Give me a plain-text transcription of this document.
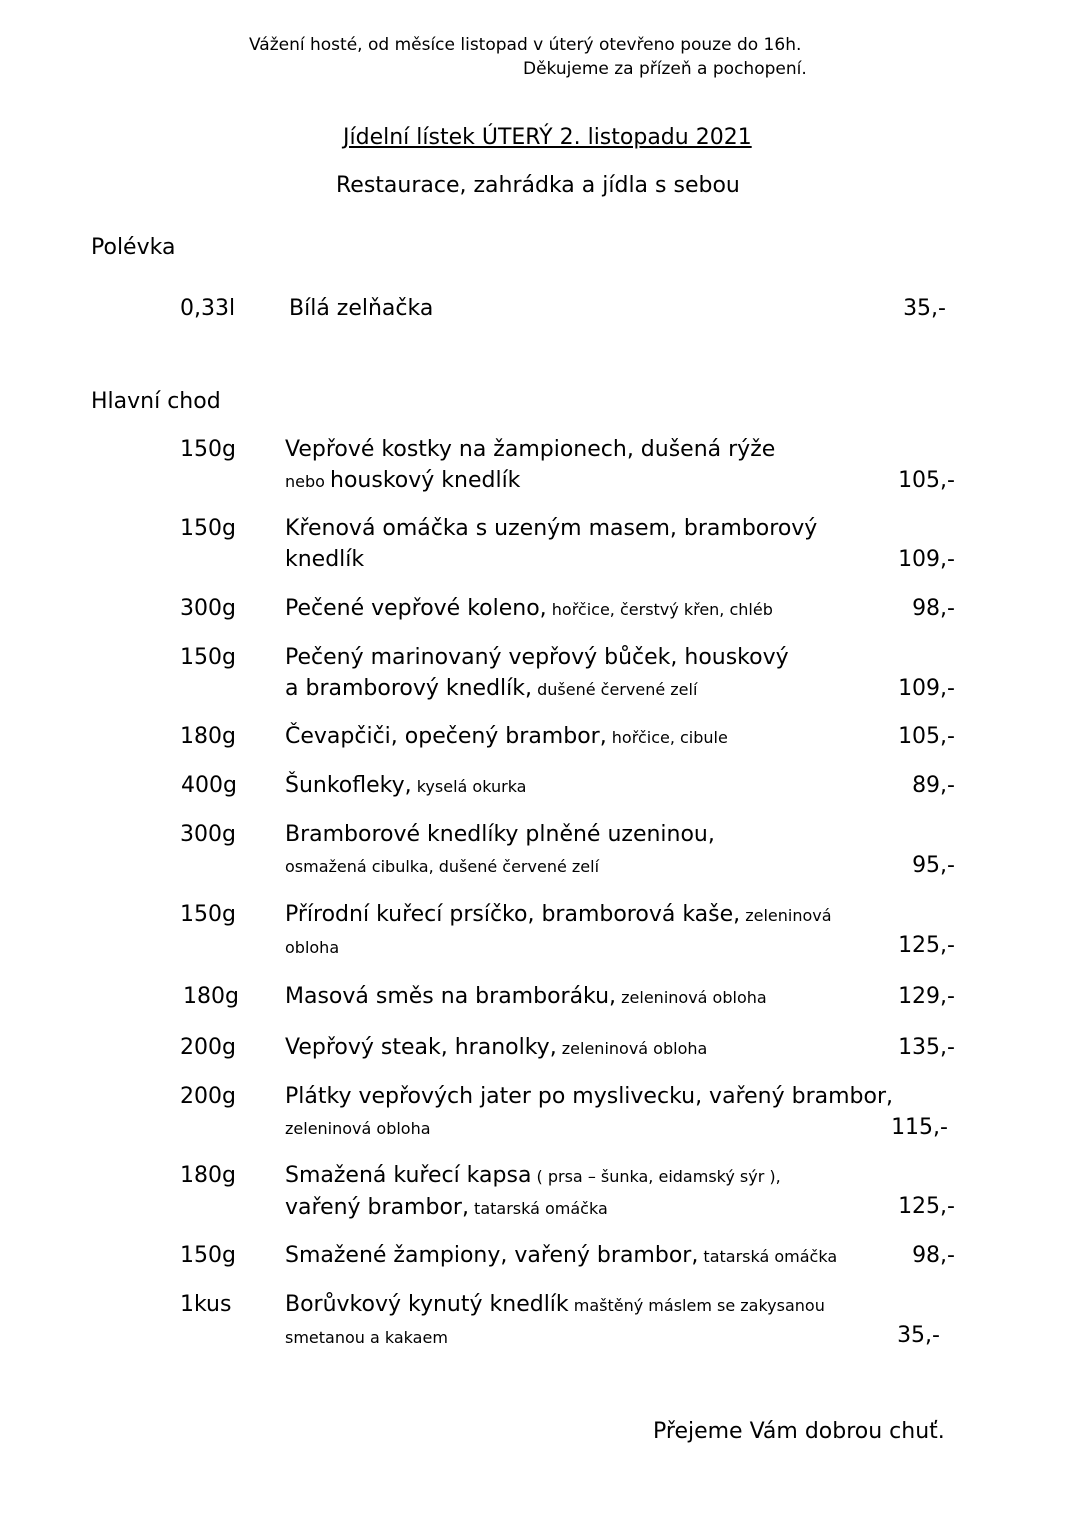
Vážení hosté, od měsíce listopad v úterý otevřeno pouze do 16h.
Děkujeme za přízeň a pochopení.
Jídelní lístek ÚTERÝ 2. listopadu 2021
Restaurace, zahrádka a jídla s sebou
Polévka
0,33l Bílá zelňačka	35,-
Hlavní chod
150g Vepřové kostky na žampionech, dušená rýže
nebo houskový knedlík	105,-
150g Křenová omáčka s uzeným masem, bramborový
knedlík	109,-
300g Pečené vepřové koleno, hořčice, čerstvý křen, chléb	98,-
150g Pečený marinovaný vepřový bůček, houskový
a bramborový knedlík, dušené červené zelí	109,-
180g Čevapčiči, opečený brambor, hořčice, cibule	105,-
400g Šunkofleky, kyselá okurka	89,-
300g Bramborové knedlíky plněné uzeninou,
osmažená cibulka, dušené červené zelí	95,-
150g Přírodní kuřecí prsíčko, bramborová kaše, zeleninová
obloha	125,-
180g Masová směs na bramboráku, zeleninová obloha	129,-
200g Vepřový steak, hranolky, zeleninová obloha	135,-
200g Plátky vepřových jater po myslivecku, vařený brambor,
zeleninová obloha	115,-
180g Smažená kuřecí kapsa ( prsa – šunka, eidamský sýr ),
vařený brambor, tatarská omáčka	125,-
150g Smažené žampiony, vařený brambor, tatarská omáčka	98,-
1kus Borůvkový kynutý knedlík maštěný máslem se zakysanou
smetanou a kakaem	35,-
Přejeme Vám dobrou chuť.
